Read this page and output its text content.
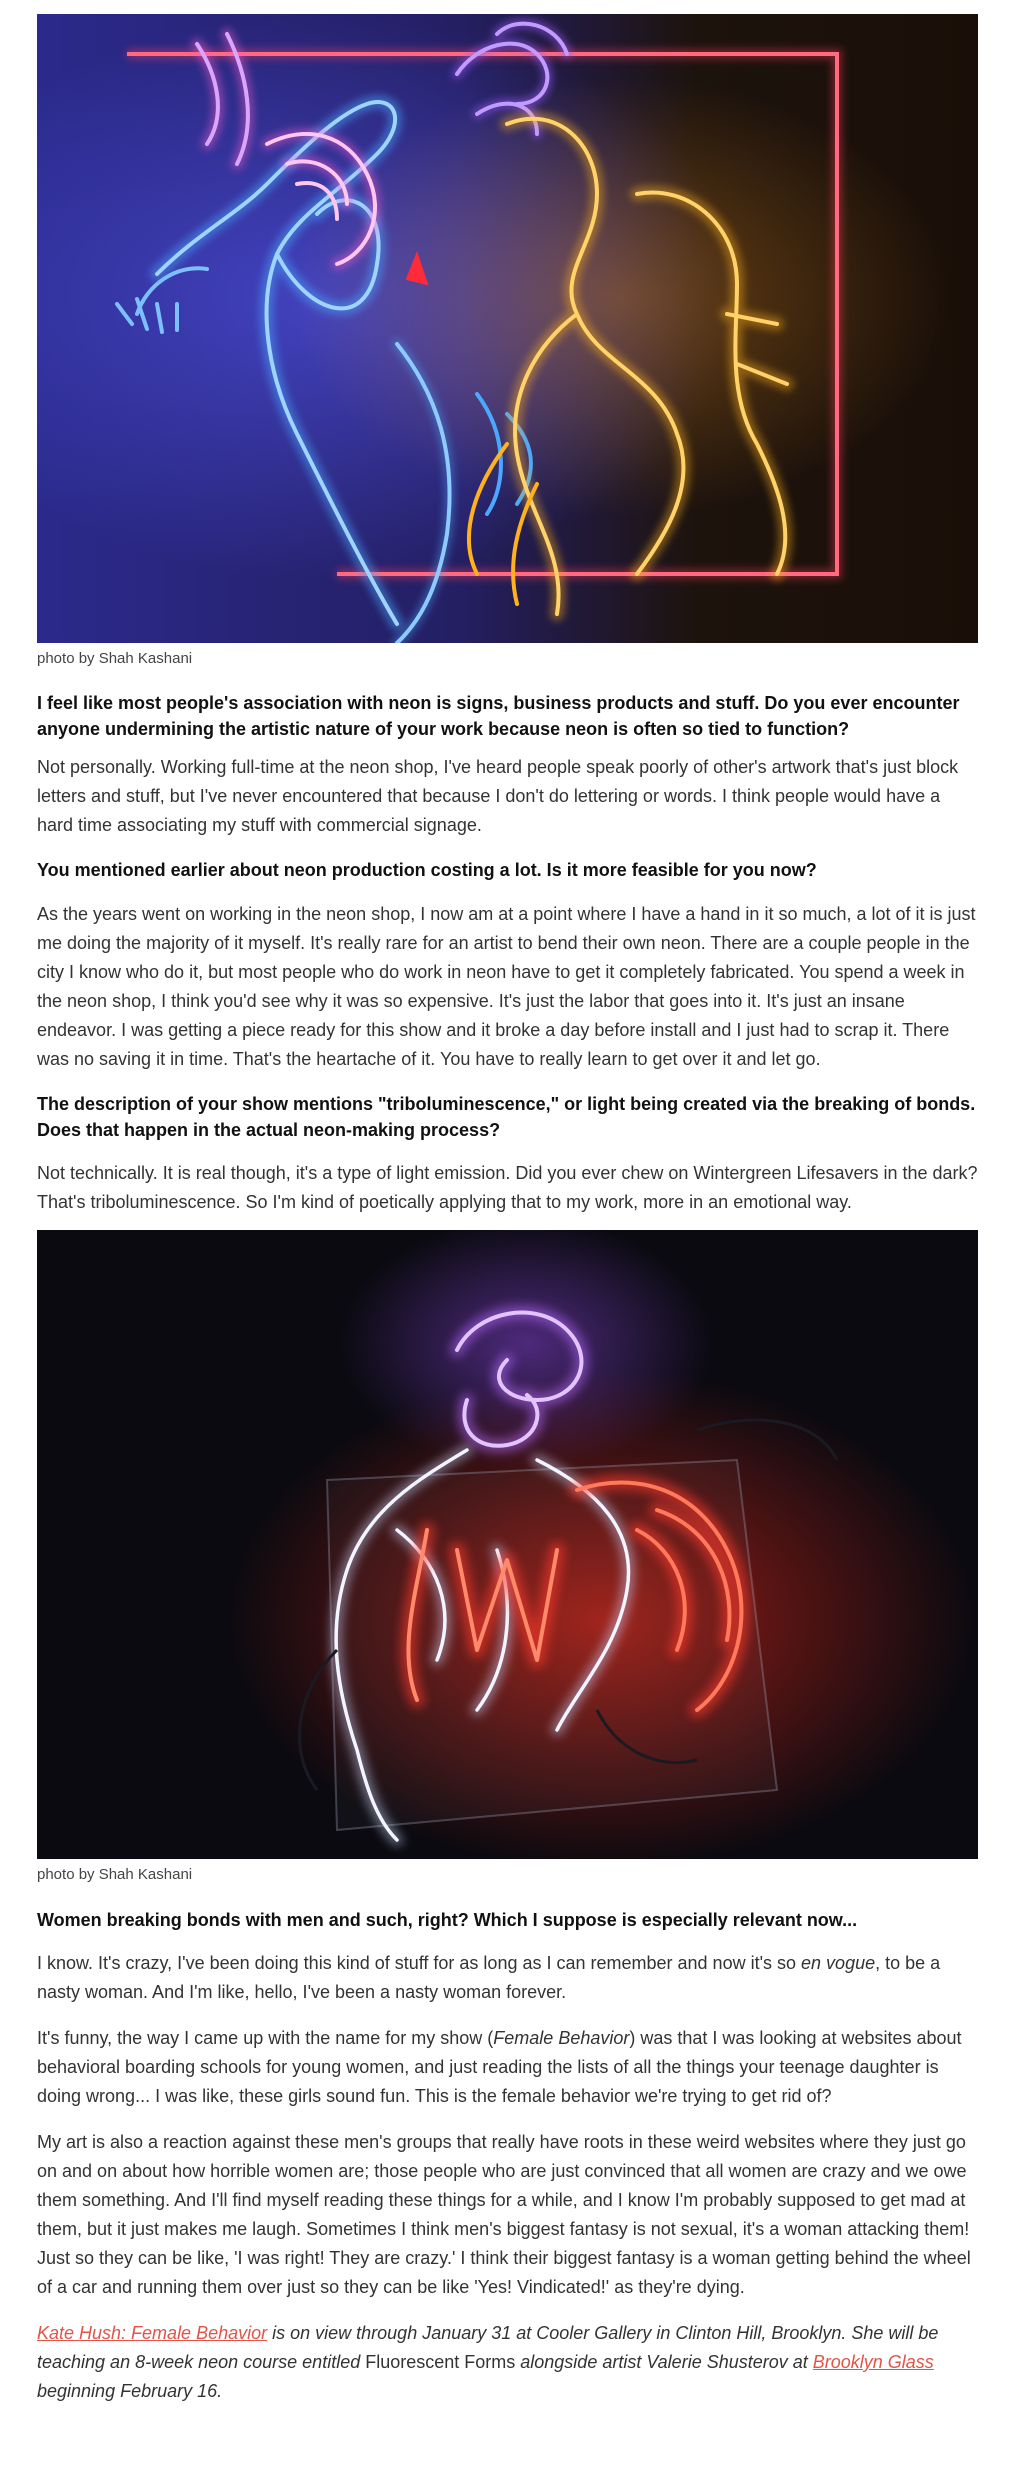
photo by Shah Kashani

I feel like most people's association with neon is signs, business products and stuff. Do you ever encounter anyone undermining the artistic nature of your work because neon is often so tied to function?

Not personally. Working full-time at the neon shop, I've heard people speak poorly of other's artwork that's just block letters and stuff, but I've never encountered that because I don't do lettering or words. I think people would have a hard time associating my stuff with commercial signage.

You mentioned earlier about neon production costing a lot. Is it more feasible for you now?

As the years went on working in the neon shop, I now am at a point where I have a hand in it so much, a lot of it is just me doing the majority of it myself. It's really rare for an artist to bend their own neon. There are a couple people in the city I know who do it, but most people who do work in neon have to get it completely fabricated. You spend a week in the neon shop, I think you'd see why it was so expensive. It's just the labor that goes into it. It's just an insane endeavor. I was getting a piece ready for this show and it broke a day before install and I just had to scrap it. There was no saving it in time. That's the heartache of it. You have to really learn to get over it and let go.

The description of your show mentions "triboluminescence," or light being created via the breaking of bonds. Does that happen in the actual neon-making process?

Not technically. It is real though, it's a type of light emission. Did you ever chew on Wintergreen Lifesavers in the dark? That's triboluminescence. So I'm kind of poetically applying that to my work, more in an emotional way.

photo by Shah Kashani

Women breaking bonds with men and such, right? Which I suppose is especially relevant now...

I know. It's crazy, I've been doing this kind of stuff for as long as I can remember and now it's so en vogue, to be a nasty woman. And I'm like, hello, I've been a nasty woman forever.

It's funny, the way I came up with the name for my show (Female Behavior) was that I was looking at websites about behavioral boarding schools for young women, and just reading the lists of all the things your teenage daughter is doing wrong... I was like, these girls sound fun. This is the female behavior we're trying to get rid of?

My art is also a reaction against these men's groups that really have roots in these weird websites where they just go on and on about how horrible women are; those people who are just convinced that all women are crazy and we owe them something. And I'll find myself reading these things for a while, and I know I'm probably supposed to get mad at them, but it just makes me laugh. Sometimes I think men's biggest fantasy is not sexual, it's a woman attacking them! Just so they can be like, 'I was right! They are crazy.' I think their biggest fantasy is a woman getting behind the wheel of a car and running them over just so they can be like 'Yes! Vindicated!' as they're dying.

Kate Hush: Female Behavior is on view through January 31 at Cooler Gallery in Clinton Hill, Brooklyn. She will be teaching an 8-week neon course entitled Fluorescent Forms alongside artist Valerie Shusterov at Brooklyn Glass beginning February 16.
